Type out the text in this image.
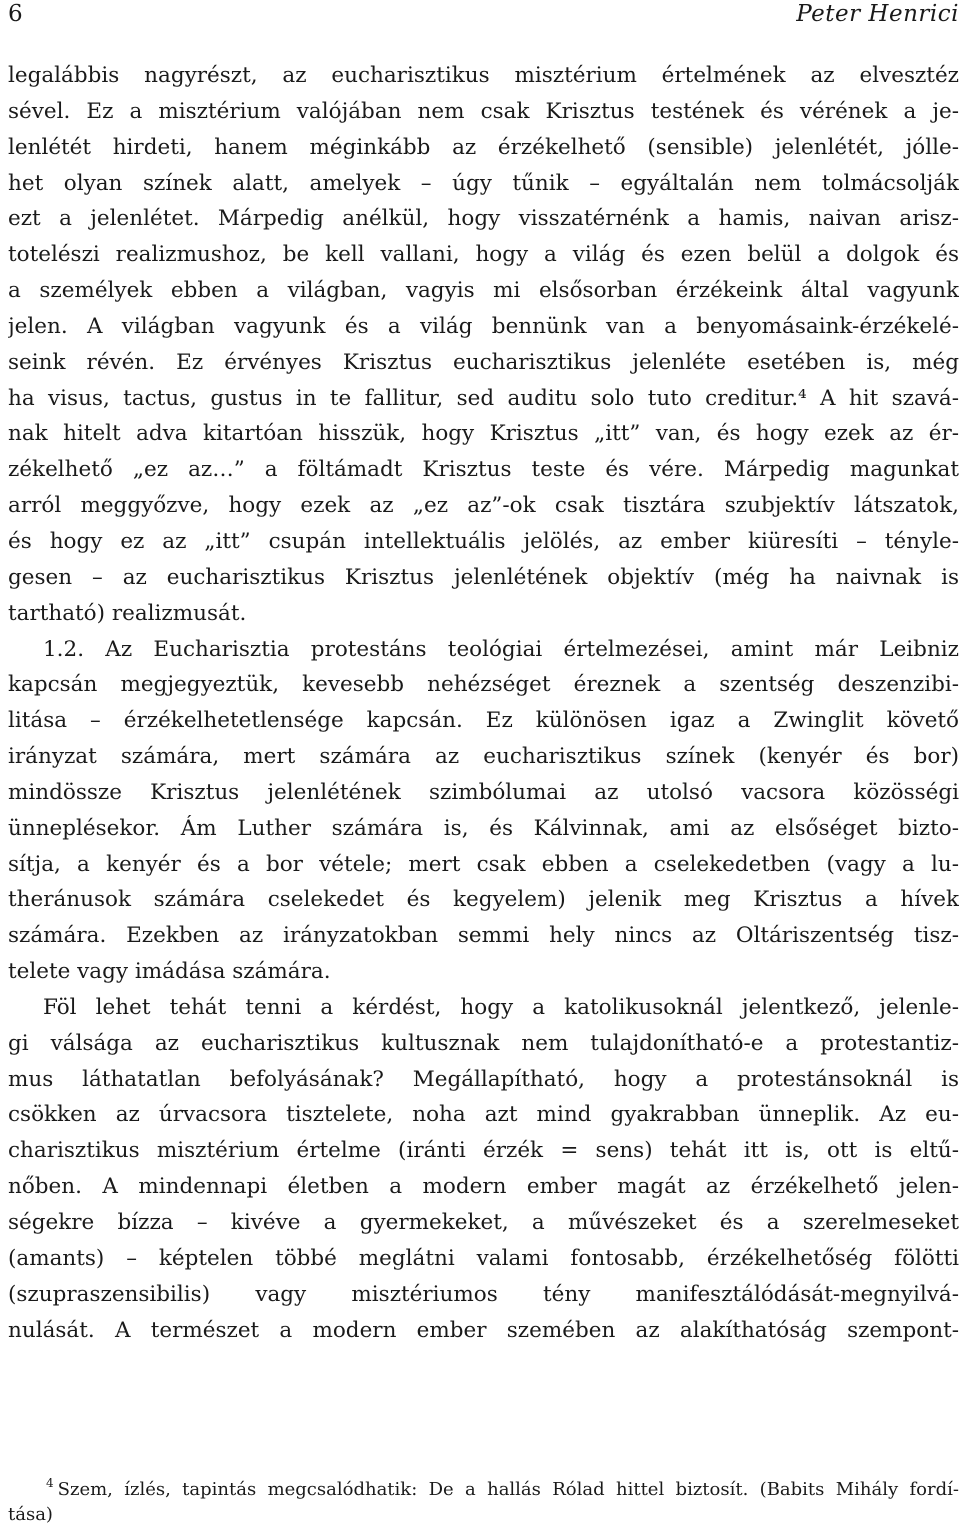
6	Peter Henrici
legalábbis nagyrészt, az eucharisztikus misztérium értelmének az elvesztéz
sével. Ez a misztérium valójában nem csak Krisztus testének és vérének a je-
lenlétét hirdeti, hanem méginkább az érzékelhető (sensible) jelenlétét, jólle-
het olyan színek alatt, amelyek – úgy tűnik – egyáltalán nem tolmácsolják
ezt a jelenlétet. Márpedig anélkül, hogy visszatérnénk a hamis, naivan arisz-
totelészi realizmushoz, be kell vallani, hogy a világ és ezen belül a dolgok és
a személyek ebben a világban, vagyis mi elsősorban érzékeink által vagyunk
jelen. A világban vagyunk és a világ bennünk van a benyomásaink-érzékelé-
seink révén. Ez érvényes Krisztus eucharisztikus jelenléte esetében is, még
ha visus, tactus, gustus in te fallitur, sed auditu solo tuto creditur.⁴ A hit szavá-
nak hitelt adva kitartóan hisszük, hogy Krisztus „itt” van, és hogy ezek az ér-
zékelhető „ez az…” a föltámadt Krisztus teste és vére. Márpedig magunkat
arról meggyőzve, hogy ezek az „ez az”-ok csak tisztára szubjektív látszatok,
és hogy ez az „itt” csupán intellektuális jelölés, az ember kiüresíti – ténylе-
gesen – az eucharisztikus Krisztus jelenlétének objektív (még ha naivnak is
tartható) realizmusát.
1.2. Az Eucharisztia protestáns teológiai értelmezései, amint már Leibniz
kapcsán megjegyeztük, kevesebb nehézséget éreznek a szentség deszenzibi-
litása – érzékelhetetlensége kapcsán. Ez különösen igaz a Zwinglit követő
irányzat számára, mert számára az eucharisztikus színek (kenyér és bor)
mindössze Krisztus jelenlétének szimbólumai az utolsó vacsora közösségi
ünneplésekor. Ám Luther számára is, és Kálvinnak, ami az elsőséget bizto-
sítja, a kenyér és a bor vétele; mert csak ebben a cselekedetben (vagy a lu-
theránusok számára cselekedet és kegyelem) jelenik meg Krisztus a hívek
számára. Ezekben az irányzatokban semmi hely nincs az Oltáriszentség tisz-
telete vagy imádása számára.
Föl lehet tehát tenni a kérdést, hogy a katolikusoknál jelentkező, jelenle-
gi válsága az eucharisztikus kultusznak nem tulajdonítható-e a protestantiz-
mus láthatatlan befolyásának? Megállapítható, hogy a protestánsoknál is
csökken az úrvacsora tisztelete, noha azt mind gyakrabban ünneplik. Az eu-
charisztikus misztérium értelme (iránti érzék = sens) tehát itt is, ott is eltű-
nőben. A mindennapi életben a modern ember magát az érzékelhető jelen-
ségekre bízza – kivéve a gyermekeket, a művészeket és a szerelmeseket
(amants) – képtelen többé meglátni valami fontosabb, érzékelhetőség fölötti
(szupraszensibilis) vagy misztériumos tény manifesztálódását-megnyilvá-
nulását. A természet a modern ember szemében az alakíthatóság szempont-
$^4$ Szem, ízlés, tapintás megcsalódhatik: De a hallás Rólad hittel biztosít. (Babits Mihály fordí-
tása)
